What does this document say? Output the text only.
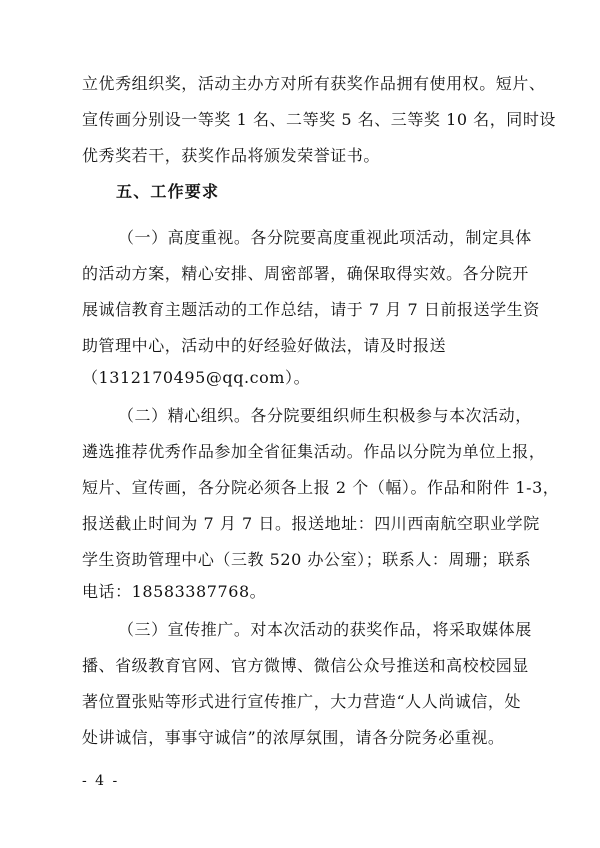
立优秀组织奖，活动主办方对所有获奖作品拥有使用权。短片、
宣传画分别设一等奖 1 名、二等奖 5 名、三等奖 10 名，同时设
优秀奖若干，获奖作品将颁发荣誉证书。
五、工作要求
（一）高度重视。各分院要高度重视此项活动，制定具体
的活动方案，精心安排、周密部署，确保取得实效。各分院开
展诚信教育主题活动的工作总结，请于 7 月 7 日前报送学生资
助管理中心，活动中的好经验好做法，请及时报送
（1312170495@qq.com）。
（二）精心组织。各分院要组织师生积极参与本次活动，
遴选推荐优秀作品参加全省征集活动。作品以分院为单位上报，
短片、宣传画，各分院必须各上报 2 个（幅）。作品和附件 1-3，
报送截止时间为 7 月 7 日。报送地址：四川西南航空职业学院
学生资助管理中心（三教 520 办公室）；联系人：周珊；联系
电话：18583387768。
（三）宣传推广。对本次活动的获奖作品，将采取媒体展
播、省级教育官网、官方微博、微信公众号推送和高校校园显
著位置张贴等形式进行宣传推广，大力营造“人人尚诚信，处
处讲诚信，事事守诚信”的浓厚氛围，请各分院务必重视。
- 4 -
